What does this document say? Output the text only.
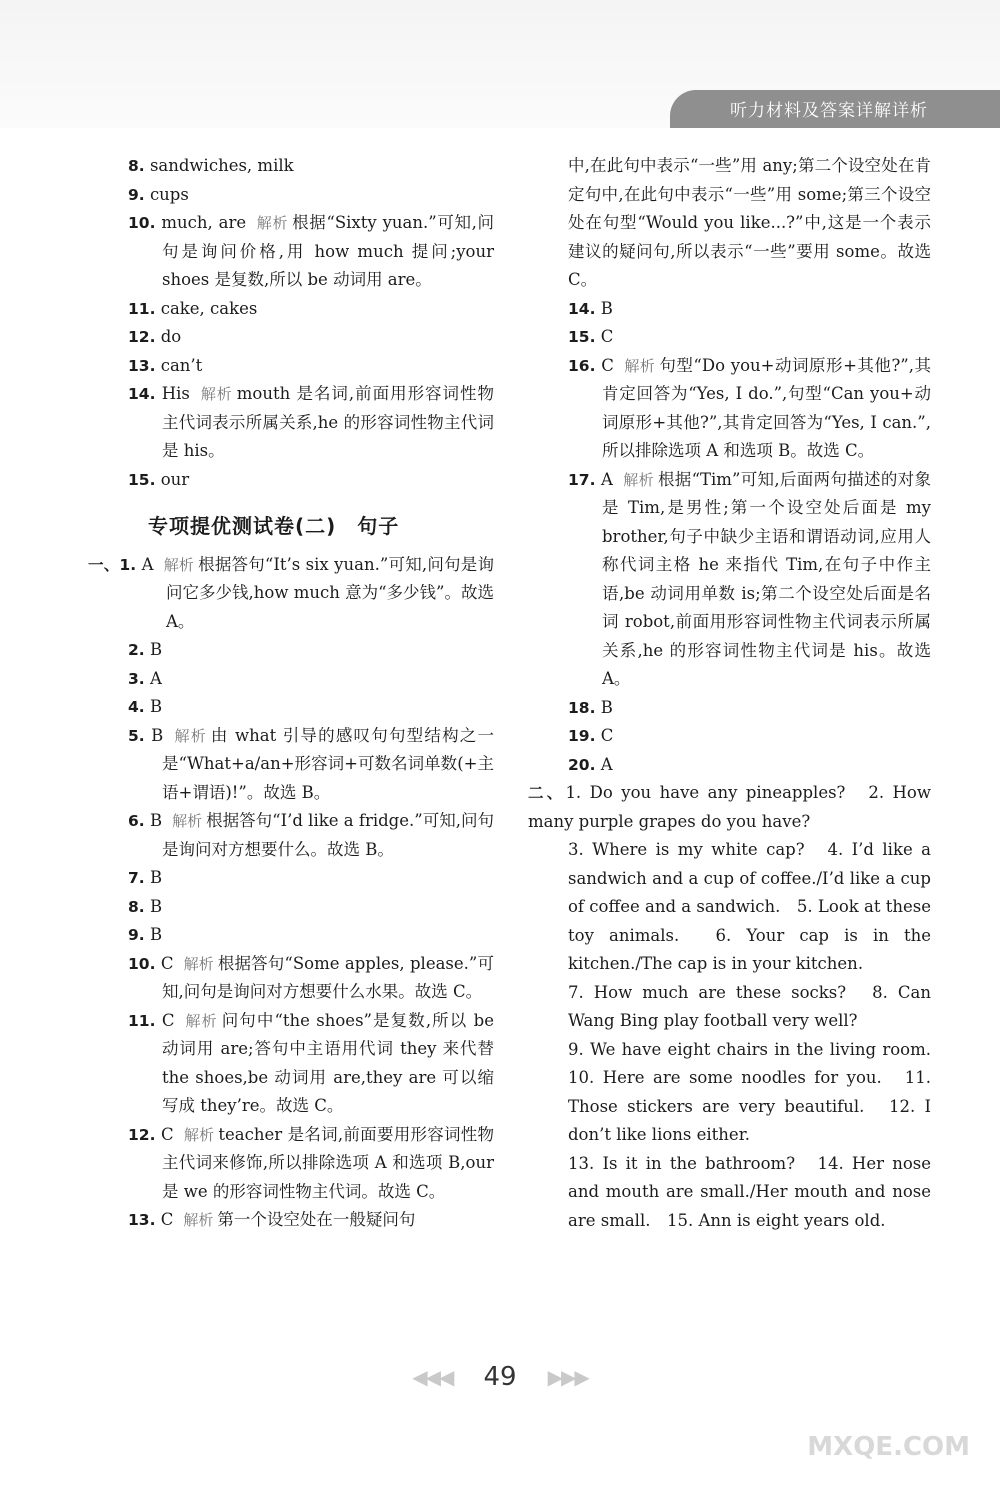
听力材料及答案详解详析

8. sandwiches, milk

9. cups

10. much, are 解析 根据“Sixty yuan.”可知,问句是询问价格,用 how much 提问;your shoes 是复数,所以 be 动词用 are。

11. cake, cakes

12. do

13. can’t

14. His 解析 mouth 是名词,前面用形容词性物主代词表示所属关系,he 的形容词性物主代词是 his。

15. our

专项提优测试卷(二)　句子

一、1. A 解析 根据答句“It’s six yuan.”可知,问句是询问它多少钱,how much 意为“多少钱”。故选 A。

2. B

3. A

4. B

5. B 解析 由 what 引导的感叹句句型结构之一是“What+a/an+形容词+可数名词单数(+主语+谓语)!”。故选 B。

6. B 解析 根据答句“I’d like a fridge.”可知,问句是询问对方想要什么。故选 B。

7. B

8. B

9. B

10. C 解析 根据答句“Some apples, please.”可知,问句是询问对方想要什么水果。故选 C。

11. C 解析 问句中“the shoes”是复数,所以 be 动词用 are;答句中主语用代词 they 来代替 the shoes,be 动词用 are,they are 可以缩写成 they’re。故选 C。

12. C 解析 teacher 是名词,前面要用形容词性物主代词来修饰,所以排除选项 A 和选项 B,our 是 we 的形容词性物主代词。故选 C。

13. C 解析 第一个设空处在一般疑问句

中,在此句中表示“一些”用 any;第二个设空处在肯定句中,在此句中表示“一些”用 some;第三个设空处在句型“Would you like...?”中,这是一个表示建议的疑问句,所以表示“一些”要用 some。故选 C。

14. B

15. C

16. C 解析 句型“Do you+动词原形+其他?”,其肯定回答为“Yes, I do.”,句型“Can you+动词原形+其他?”,其肯定回答为“Yes, I can.”,所以排除选项 A 和选项 B。故选 C。

17. A 解析 根据“Tim”可知,后面两句描述的对象是 Tim,是男性;第一个设空处后面是 my brother,句子中缺少主语和谓语动词,应用人称代词主格 he 来指代 Tim,在句子中作主语,be 动词用单数 is;第二个设空处后面是名词 robot,前面用形容词性物主代词表示所属关系,he 的形容词性物主代词是 his。故选 A。

18. B

19. C

20. A

二、1. Do you have any pineapples?　2. How many purple grapes do you have?

3. Where is my white cap?　4. I’d like a sandwich and a cup of coffee./I’d like a cup of coffee and a sandwich.　5. Look at these toy animals.　6. Your cap is in the kitchen./The cap is in your kitchen.

7. How much are these socks?　8. Can Wang Bing play football very well?

9. We have eight chairs in the living room.　10. Here are some noodles for you.　11. Those stickers are very beautiful.　12. I don’t like lions either.

13. Is it in the bathroom?　14. Her nose and mouth are small./Her mouth and nose are small.　15. Ann is eight years old.

◀◀◀ 49 ▶▶▶
MXQE.COM
